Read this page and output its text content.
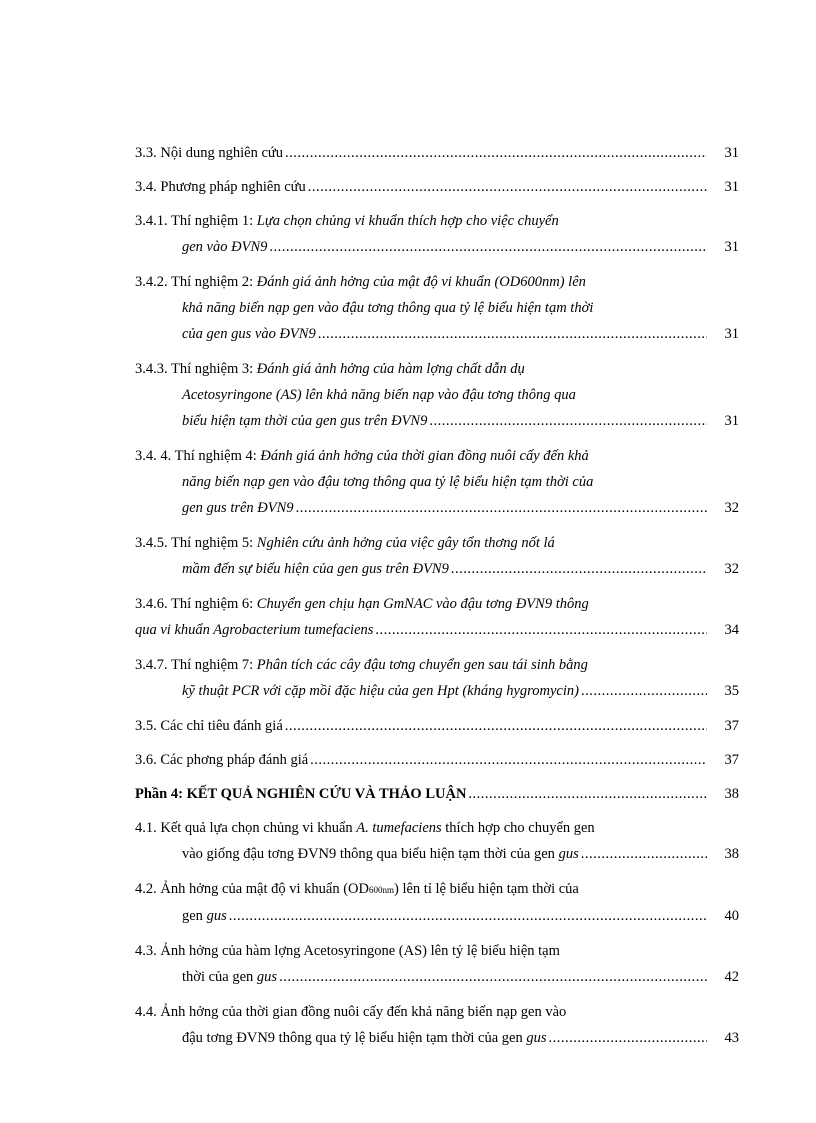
3.3. Nội dung nghiên cứu .....	31
3.4. Phương pháp nghiên cứu .....	31
3.4.1. Thí nghiệm 1:
Lựa chọn chủng vi khuẩn thích hợp cho việc chuyển
gen vào ĐVN9 .....	31
3.4.2. Thí nghiệm 2:
Đánh giá ảnh hởng của mật độ vi khuẩn (OD600nm) lên
khả năng biến nạp gen vào đậu tơng thông qua tỷ lệ biểu hiện tạm thời
của gen gus vào ĐVN9 .....	31
3.4.3. Thí nghiệm 3:
Đánh giá ảnh hởng của hàm lợng chất dẫn dụ
Acetosyringone (AS) lên khả năng biến nạp vào đậu tơng thông qua
biểu hiện tạm thời của gen gus trên ĐVN9 .....	31
3.4. 4. Thí nghiệm 4:
Đánh giá ảnh hởng của thời gian đồng nuôi cấy đến khả
năng biến nạp gen vào đậu tơng thông qua tỷ lệ biểu hiện tạm thời của
gen gus trên ĐVN9 .....	32
3.4.5. Thí nghiệm 5:
Nghiên cứu ảnh hởng của việc gây tổn thơng nốt lá
mầm đến sự biểu hiện của gen gus trên ĐVN9 .....	32
3.4.6. Thí nghiệm 6:
Chuyển gen chịu hạn GmNAC vào đậu tơng ĐVN9 thông
qua vi khuẩn Agrobacterium tumefaciens .....	34
3.4.7. Thí nghiệm 7:
Phân tích các cây đậu tơng chuyển gen sau tái sinh bằng
kỹ thuật PCR với cặp mồi đặc hiệu của gen Hpt (kháng hygromycin) .....	35
3.5. Các chỉ tiêu đánh giá .....	37
3.6. Các phơng pháp đánh giá .....	37
Phần 4:
KẾT QUẢ NGHIÊN CỨU VÀ THẢO LUẬN .....	38
4.1. Kết quả lựa chọn chủng vi khuẩn
A. tumefaciens
thích hợp cho chuyển gen
vào giống đậu tơng ĐVN9 thông qua biểu hiện tạm thời của gen
gus .....	38
4.2. Ảnh hởng của mật độ vi khuẩn (OD 600nm ) lên tỉ lệ biểu hiện tạm thời của
gen
gus .....	40
4.3. Ảnh hởng của hàm lợng Acetosyringone (AS) lên tỷ lệ biểu hiện tạm
thời của gen
gus .....	42
4.4. Ảnh hởng của thời gian đồng nuôi cấy đến khả năng biến nạp gen vào
đậu tơng ĐVN9 thông qua tỷ lệ biểu hiện tạm thời của gen
gus .....	43
